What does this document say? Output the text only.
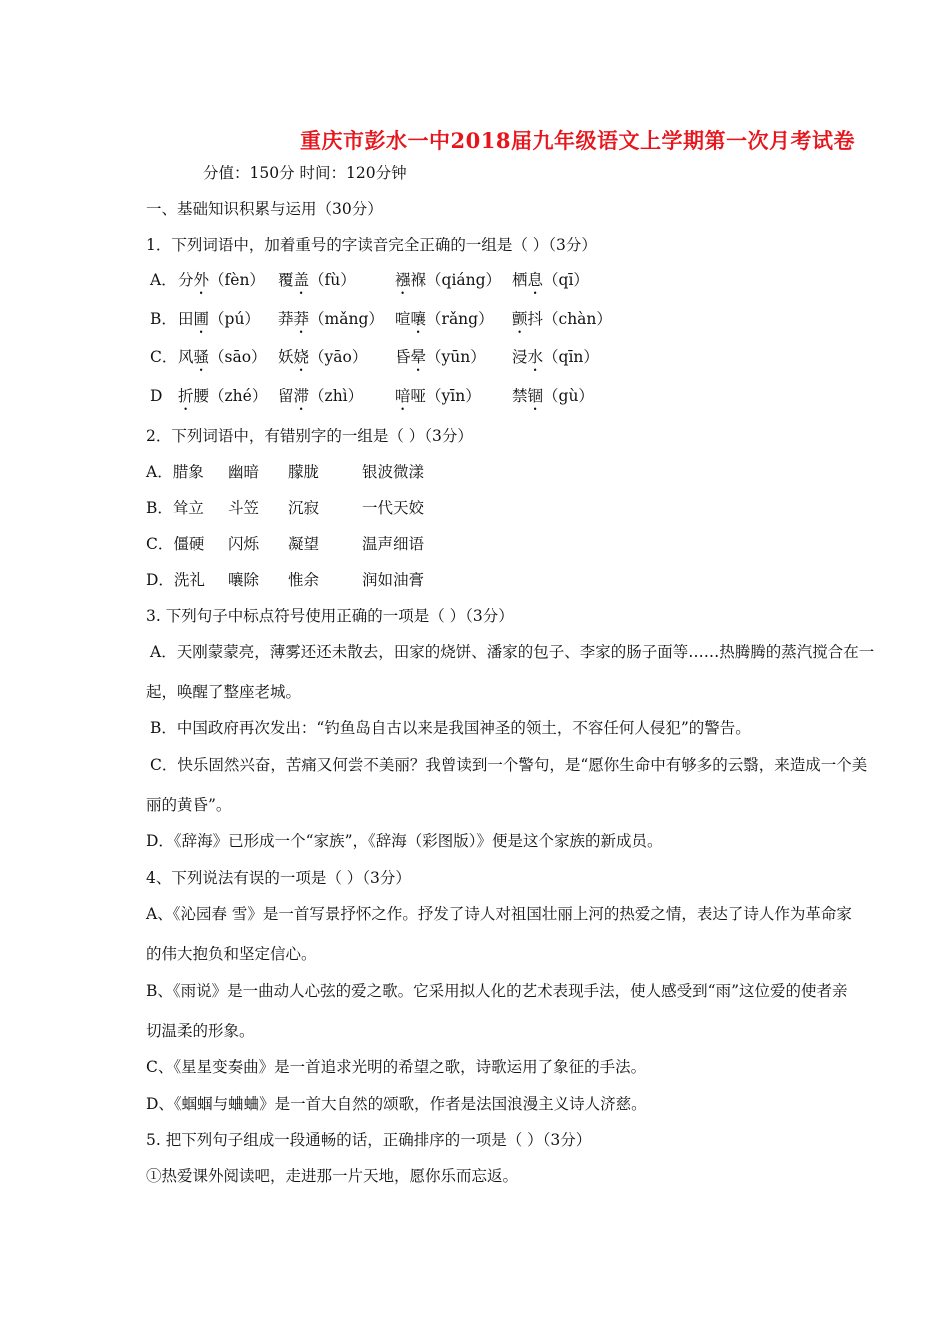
重庆市彭水一中2018届九年级语文上学期第一次月考试卷
分值：150分 时间：120分钟
一、基础知识积累与运用（30分）
1．下列词语中，加着重号的字读音完全正确的一组是（ ）（3分）
A． 分外（fèn） 覆盖（fù）	襁褓（qiáng） 栖息（qī）
B． 田圃（pú） 莽莽（mǎng） 喧嚷（rǎng） 颤抖（chàn）
C． 风骚（sāo） 妖娆（yāo） 昏晕（yūn） 浸水（qīn）
D 折腰（zhé） 留滞（zhì） 喑哑（yīn） 禁锢（gù）
2．下列词语中，有错别字的一组是（ ）（3分）
A．腊象 幽暗 朦胧	银波微漾
B．耸立 斗笠 沉寂	一代天姣
C．僵硬 闪烁 凝望	温声细语
D．洗礼 嚷除 惟余	润如油膏
3. 下列句子中标点符号使用正确的一项是（ ）（3分）
A．天刚蒙蒙亮，薄雾还还未散去，田家的烧饼、潘家的包子、李家的肠子面等……热腾腾的蒸汽搅合在一
起，唤醒了整座老城。
B．中国政府再次发出：“钓鱼岛自古以来是我国神圣的领土，不容任何人侵犯”的警告。
C．快乐固然兴奋，苦痛又何尝不美丽？我曾读到一个警句，是“愿你生命中有够多的云翳，来造成一个美
丽的黄昏”。
D．《辞海》已形成一个“家族”，《辞海（彩图版）》便是这个家族的新成员。
4、下列说法有误的一项是（ ）（3分）
A、《沁园春 雪》是一首写景抒怀之作。抒发了诗人对祖国壮丽上河的热爱之情，表达了诗人作为革命家
的伟大抱负和坚定信心。
B、《雨说》是一曲动人心弦的爱之歌。它采用拟人化的艺术表现手法，使人感受到“雨”这位爱的使者亲
切温柔的形象。
C、《星星变奏曲》是一首追求光明的希望之歌，诗歌运用了象征的手法。
D、《蝈蝈与蛐蛐》是一首大自然的颂歌，作者是法国浪漫主义诗人济慈。
5. 把下列句子组成一段通畅的话，正确排序的一项是（ ）（3分）
①热爱课外阅读吧，走进那一片天地，愿你乐而忘返。
